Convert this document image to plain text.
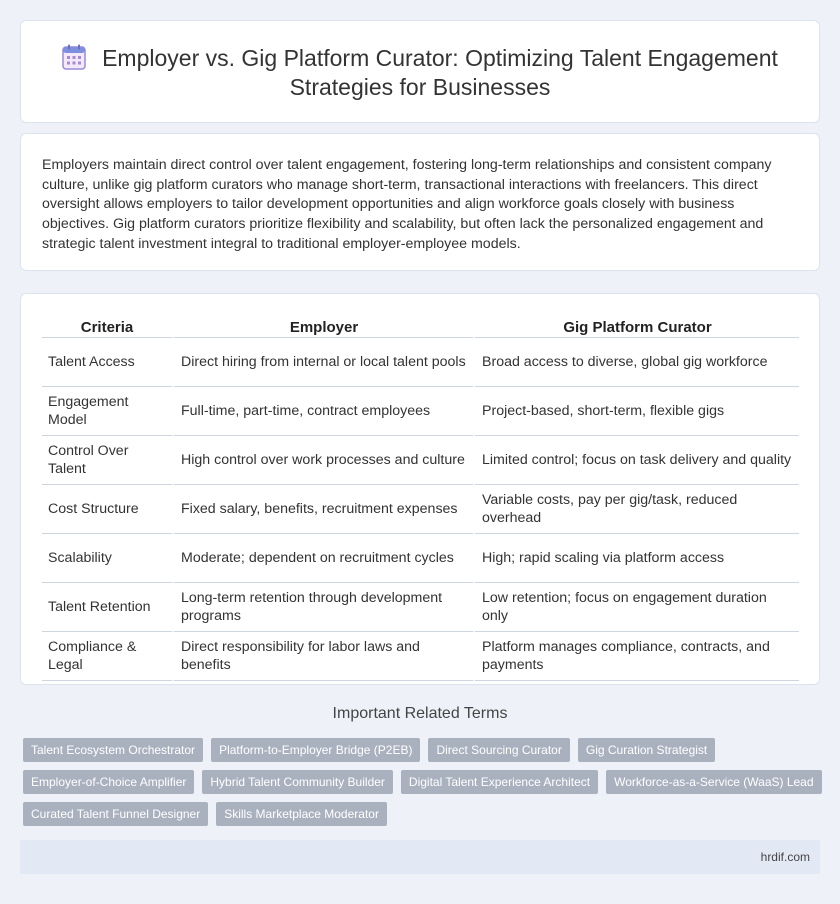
Employer vs. Gig Platform Curator: Optimizing Talent Engagement Strategies for Businesses

Employers maintain direct control over talent engagement, fostering long-term relationships and consistent company culture, unlike gig platform curators who manage short-term, transactional interactions with freelancers. This direct oversight allows employers to tailor development opportunities and align workforce goals closely with business objectives. Gig platform curators prioritize flexibility and scalability, but often lack the personalized engagement and strategic talent investment integral to traditional employer-employee models.

Criteria	Employer	Gig Platform Curator
Talent Access	Direct hiring from internal or local talent pools	Broad access to diverse, global gig workforce
Engagement Model	Full-time, part-time, contract employees	Project-based, short-term, flexible gigs
Control Over Talent	High control over work processes and culture	Limited control; focus on task delivery and quality
Cost Structure	Fixed salary, benefits, recruitment expenses	Variable costs, pay per gig/task, reduced overhead
Scalability	Moderate; dependent on recruitment cycles	High; rapid scaling via platform access
Talent Retention	Long-term retention through development programs	Low retention; focus on engagement duration only
Compliance & Legal	Direct responsibility for labor laws and benefits	Platform manages compliance, contracts, and payments
Important Related Terms
Talent Ecosystem Orchestrator	Platform-to-Employer Bridge (P2EB)	Direct Sourcing Curator	Gig Curation Strategist
Employer-of-Choice Amplifier	Hybrid Talent Community Builder	Digital Talent Experience Architect	Workforce-as-a-Service (WaaS) Lead
Curated Talent Funnel Designer	Skills Marketplace Moderator
hrdif.com
